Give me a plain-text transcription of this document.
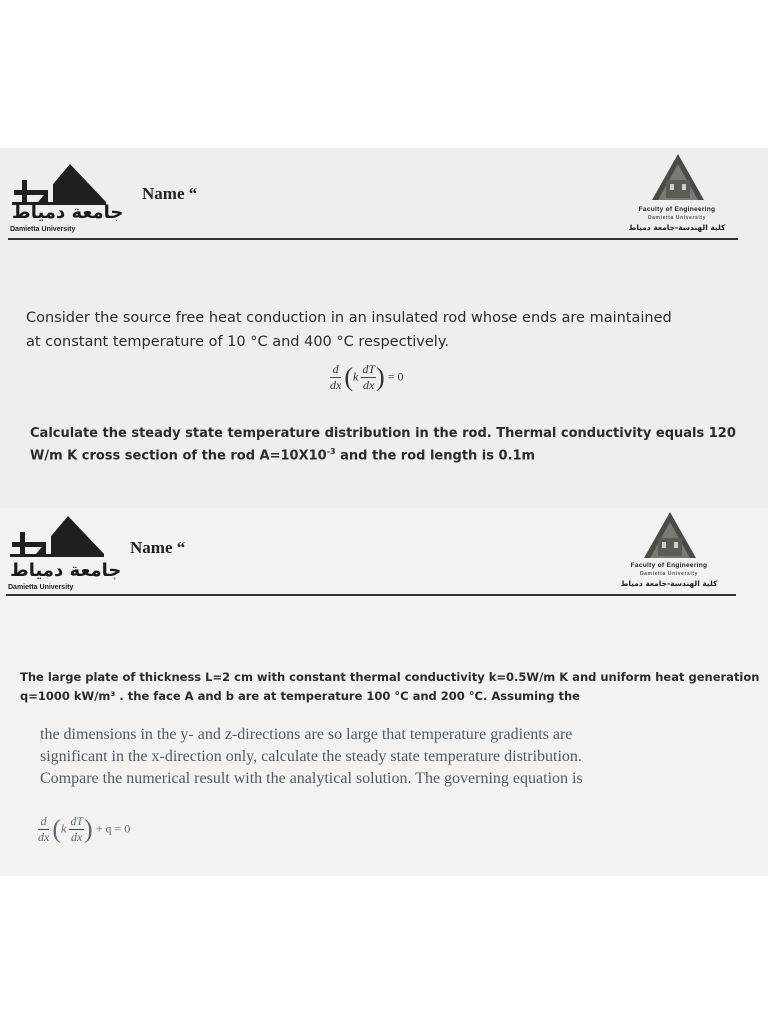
جامعة دمياط
Damietta University
Name “
Faculty of Engineering
Damietta University
كلية الهندسة-جامعة دمياط
Consider the source free heat conduction in an insulated rod whose ends are maintained
at constant temperature of 10 °C and 400 °C respectively.
$\frac{d}{dx} (k \frac{dT}{dx}$ ) = 0
Calculate the steady state temperature distribution in the rod. Thermal conductivity equals 120
W/m K cross section of the rod $A=10X10^{-3}$ and the rod length is 0.1m
جامعة دمياط
Damietta University
Name “
Faculty of Engineering
Damietta University
كلية الهندسة-جامعة دمياط
The large plate of thickness L=2 cm with constant thermal conductivity k=0.5W/m K and uniform heat generation
q=1000 kW/m³ . the face A and b are at temperature 100 °C and 200 °C. Assuming the
the dimensions in the y- and z-directions are so large that temperature gradients are
significant in the x-direction only, calculate the steady state temperature distribution.
Compare the numerical result with the analytical solution. The governing equation is
$\frac{d}{dx} (k \frac{dT}{dx}$ ) + q = 0
